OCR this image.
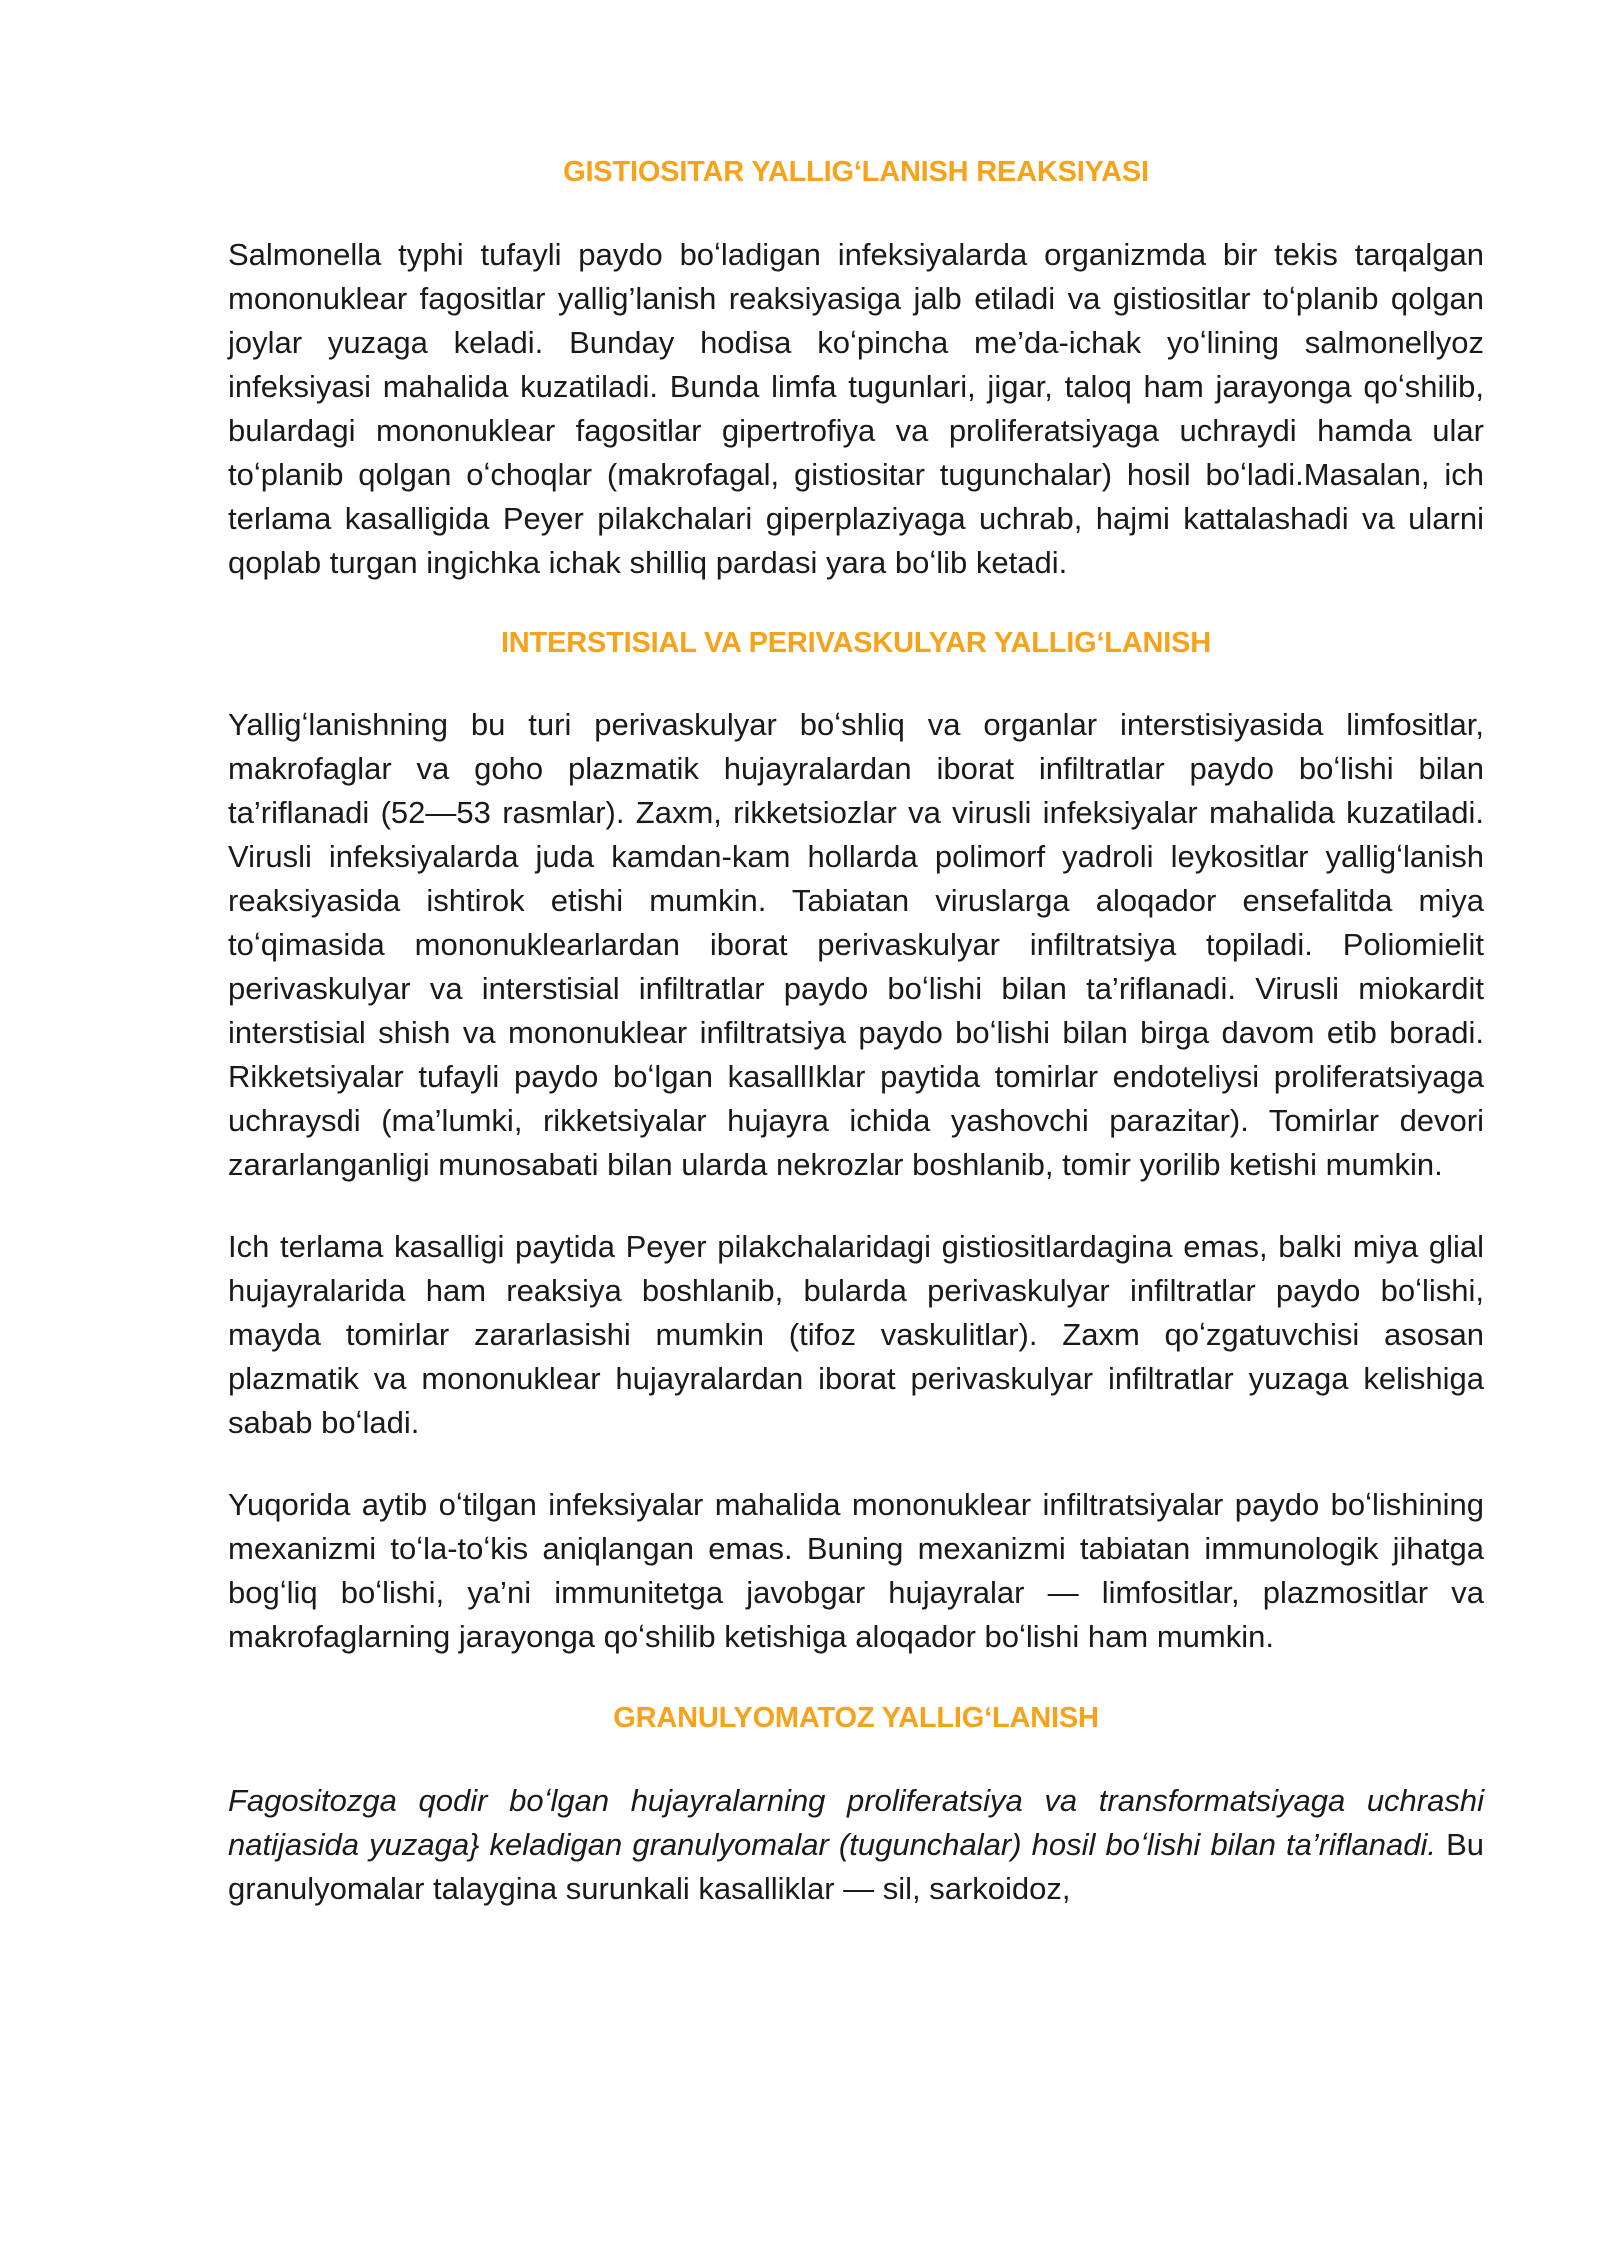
GISTIOSITAR YALLIGʻLANISH REAKSIYASI

Salmonella typhi tufayli paydo boʻladigan infeksiyalarda organizmda bir tekis tarqalgan mononuklear fagositlar yallig’lanish reaksiyasiga jalb etiladi va gistiositlar toʻplanib qolgan joylar yuzaga keladi. Bunday hodisa koʻpincha me’da-ichak yoʻlining salmonellyoz infeksiyasi mahalida kuzatiladi. Bunda limfa tugunlari, jigar, taloq ham jarayonga qoʻshilib, bulardagi mononuklear fagositlar gipertrofiya va proliferatsiyaga uchraydi hamda ular toʻplanib qolgan oʻchoqlar (makrofagal, gistiositar tugunchalar) hosil boʻladi.Masalan, ich terlama kasalligida Peyer pilakchalari giperplaziyaga uchrab, hajmi kattalashadi va ularni qoplab turgan ingichka ichak shilliq pardasi yara boʻlib ketadi.

INTERSTISIAL VA PERIVASKULYAR YALLIGʻLANISH

Yalligʻlanishning bu turi perivaskulyar boʻshliq va organlar interstisiyasida limfositlar, makrofaglar va goho plazmatik hujayralardan iborat infiltratlar paydo boʻlishi bilan ta’riflanadi (52—53 rasmlar). Zaxm, rikketsiozlar va virusli infeksiyalar mahalida kuzatiladi. Virusli infeksiyalarda juda kamdan-kam hollarda polimorf yadroli leykositlar yalligʻlanish reaksiyasida ishtirok etishi mumkin. Tabiatan viruslarga aloqador ensefalitda miya toʻqimasida mononuklearlardan iborat perivaskulyar infiltratsiya topiladi. Poliomielit perivaskulyar va interstisial infiltratlar paydo boʻlishi bilan ta’riflanadi. Virusli miokardit interstisial shish va mononuklear infiltratsiya paydo boʻlishi bilan birga davom etib boradi. Rikketsiyalar tufayli paydo boʻlgan kasallIklar paytida tomirlar endoteliysi proliferatsiyaga uchraysdi (ma’lumki, rikketsiyalar hujayra ichida yashovchi parazitar). Tomirlar devori zararlanganligi munosabati bilan ularda nekrozlar boshlanib, tomir yorilib ketishi mumkin.

Ich terlama kasalligi paytida Peyer pilakchalaridagi gistiositlardagina emas, balki miya glial hujayralarida ham reaksiya boshlanib, bularda perivaskulyar infiltratlar paydo boʻlishi, mayda tomirlar zararlasishi mumkin (tifoz vaskulitlar). Zaxm qoʻzgatuvchisi asosan plazmatik va mononuklear hujayralardan iborat perivaskulyar infiltratlar yuzaga kelishiga sabab boʻladi.

Yuqorida aytib oʻtilgan infeksiyalar mahalida mononuklear infiltratsiyalar paydo boʻlishining mexanizmi toʻla-toʻkis aniqlangan emas. Buning mexanizmi tabiatan immunologik jihatga bogʻliq boʻlishi, ya’ni immunitetga javobgar hujayralar — limfositlar, plazmositlar va makrofaglarning jarayonga qoʻshilib ketishiga aloqador boʻlishi ham mumkin.

GRANULYOMATOZ YALLIGʻLANISH

Fagositozga qodir boʻlgan hujayralarning proliferatsiya va transformatsiyaga uchrashi natijasida yuzaga} keladigan granulyomalar (tugunchalar) hosil boʻlishi bilan ta’riflanadi. Bu granulyomalar talaygina surunkali kasalliklar — sil, sarkoidoz,
